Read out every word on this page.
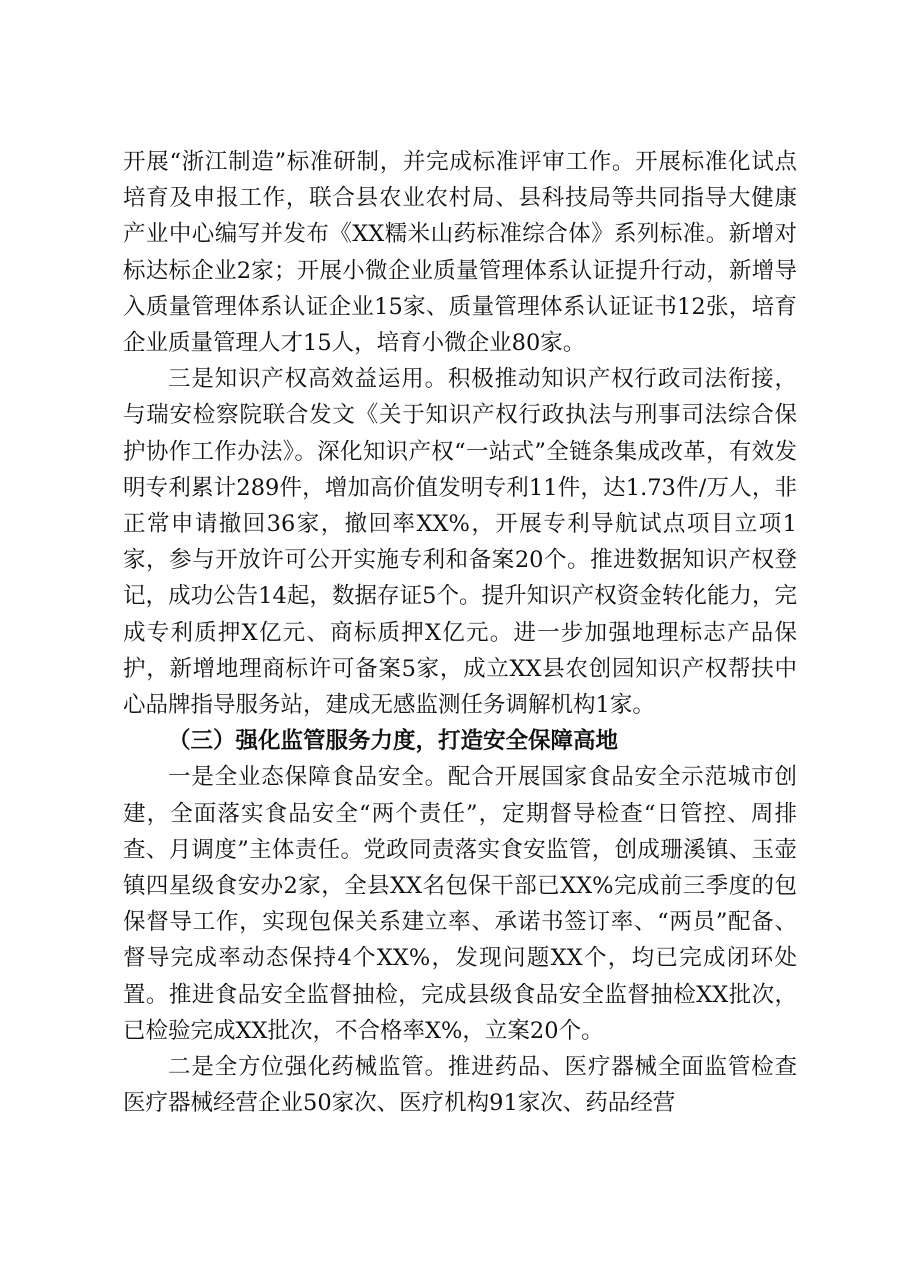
开展“浙江制造”标准研制，并完成标准评审工作。开展标准化试点培育及申报工作，联合县农业农村局、县科技局等共同指导大健康产业中心编写并发布《XX糯米山药标准综合体》系列标准。新增对标达标企业2家；开展小微企业质量管理体系认证提升行动，新增导入质量管理体系认证企业15家、质量管理体系认证证书12张，培育企业质量管理人才15人，培育小微企业80家。

三是知识产权高效益运用。积极推动知识产权行政司法衔接，与瑞安检察院联合发文《关于知识产权行政执法与刑事司法综合保护协作工作办法》。深化知识产权“一站式”全链条集成改革，有效发明专利累计289件，增加高价值发明专利11件，达1.73件/万人，非正常申请撤回36家，撤回率XX%，开展专利导航试点项目立项1家，参与开放许可公开实施专利和备案20个。推进数据知识产权登记，成功公告14起，数据存证5个。提升知识产权资金转化能力，完成专利质押X亿元、商标质押X亿元。进一步加强地理标志产品保护，新增地理商标许可备案5家，成立XX县农创园知识产权帮扶中心品牌指导服务站，建成无感监测任务调解机构1家。

（三）强化监管服务力度，打造安全保障高地

一是全业态保障食品安全。配合开展国家食品安全示范城市创建，全面落实食品安全“两个责任”，定期督导检查“日管控、周排查、月调度”主体责任。党政同责落实食安监管，创成珊溪镇、玉壶镇四星级食安办2家，全县XX名包保干部已XX%完成前三季度的包保督导工作，实现包保关系建立率、承诺书签订率、“两员”配备、督导完成率动态保持4个XX%，发现问题XX个，均已完成闭环处置。推进食品安全监督抽检，完成县级食品安全监督抽检XX批次，已检验完成XX批次，不合格率X%，立案20个。

二是全方位强化药械监管。推进药品、医疗器械全面监管检查医疗器械经营企业50家次、医疗机构91家次、药品经营
